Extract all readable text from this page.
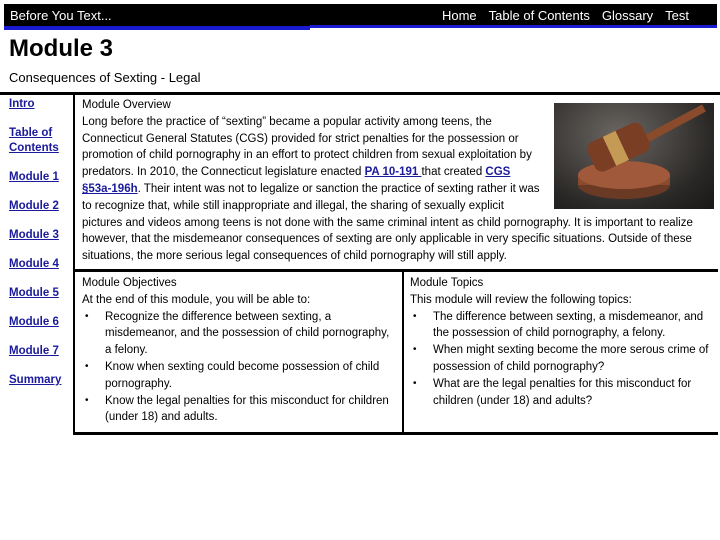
Before You Text...	Home Table of Contents Glossary Test
Module 3
Consequences of Sexting - Legal
Intro
Table of Contents
Module 1
Module 2
Module 3
Module 4
Module 5
Module 6
Module 7
Summary
Module Overview
Long before the practice of “sexting” became a popular activity among teens, the Connecticut General Statutes (CGS) provided for strict penalties for the possession or promotion of child pornography in an effort to protect children from sexual exploitation by predators. In 2010, the Connecticut legislature enacted PA 10-191 that created CGS §53a-196h. Their intent was not to legalize or sanction the practice of sexting rather it was to recognize that, while still inappropriate and illegal, the sharing of sexually explicit pictures and videos among teens is not done with the same criminal intent as child pornography. It is important to realize however, that the misdemeanor consequences of sexting are only applicable in very specific situations. Outside of these situations, the more serious legal consequences of child pornography will still apply.
Module Objectives
At the end of this module, you will be able to:
• Recognize the difference between sexting, a misdemeanor, and the possession of child pornography, a felony.
• Know when sexting could become possession of child pornography.
• Know the legal penalties for this misconduct for children (under 18) and adults.
Module Topics
This module will review the following topics:
• The difference between sexting, a misdemeanor, and the possession of child pornography, a felony.
• When might sexting become the more serous crime of possession of child pornography?
• What are the legal penalties for this misconduct for children (under 18) and adults?
